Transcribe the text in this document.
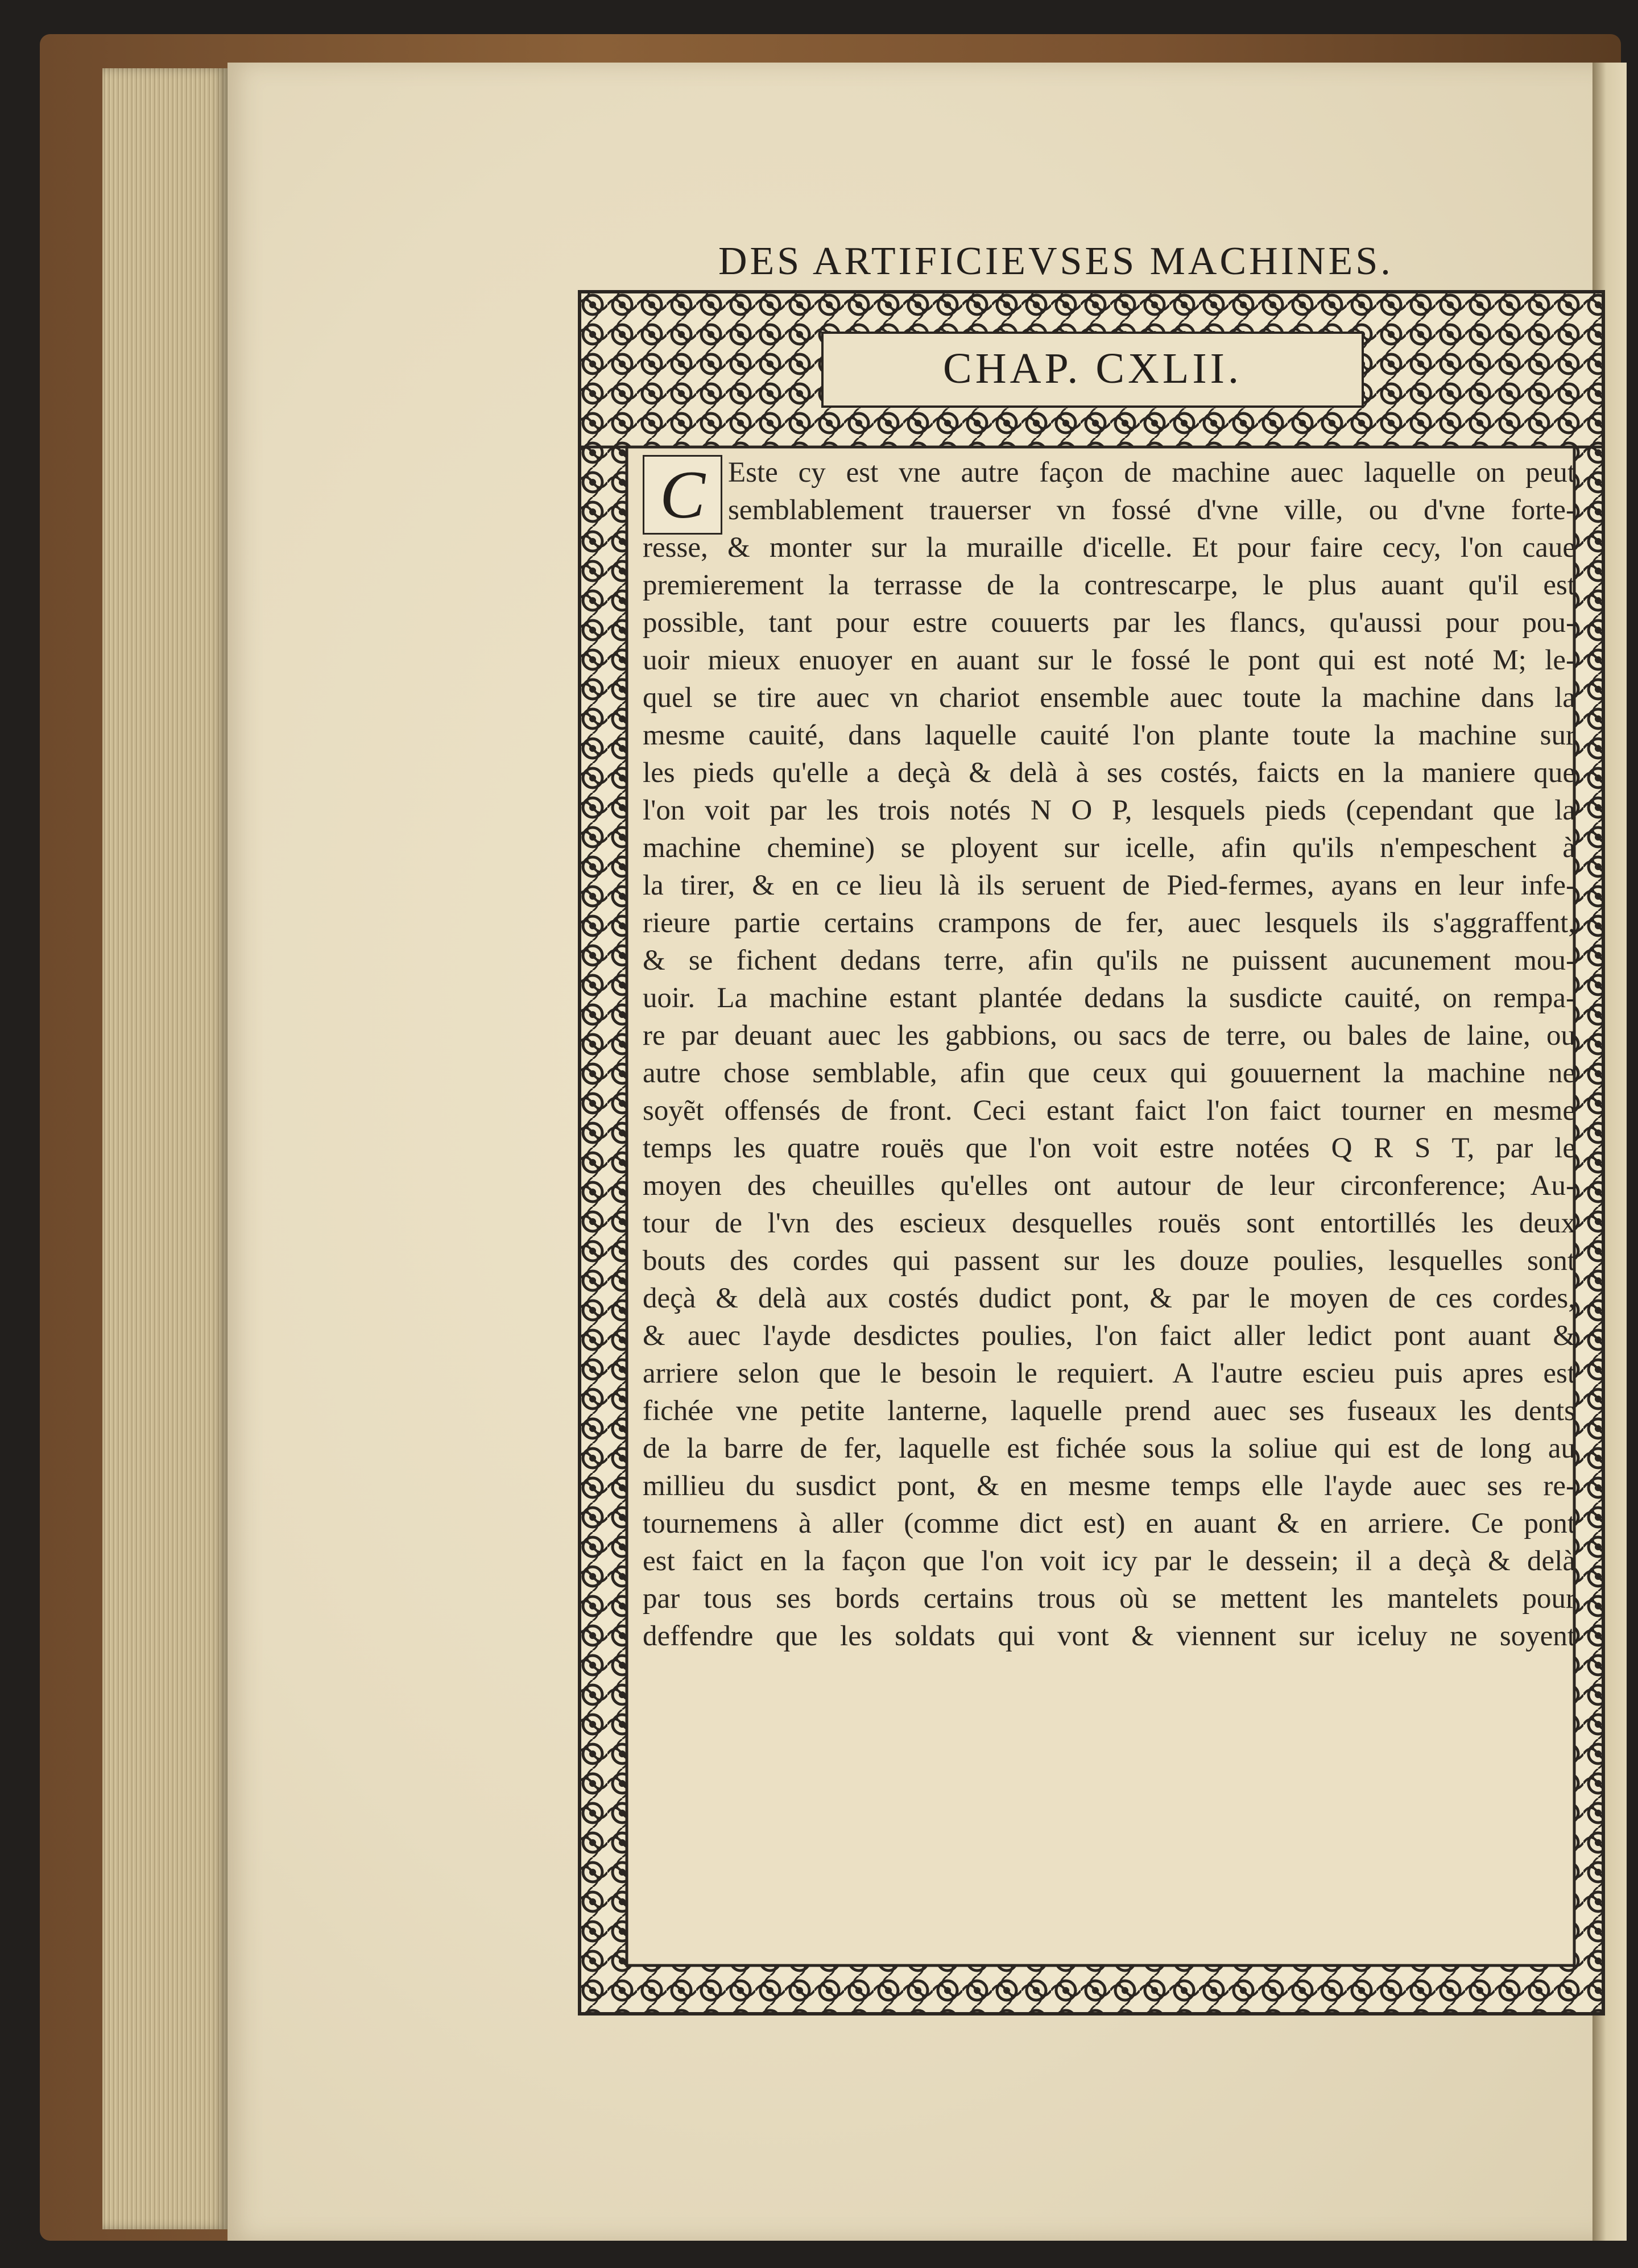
DES ARTIFICIEVSES MACHINES.
CHAP. CXLII.
C Este cy est vne autre façon de machine auec laquelle on peut
semblablement trauerser vn fossé d'vne ville, ou d'vne forte-
resse, & monter sur la muraille d'icelle. Et pour faire cecy, l'on caue
premierement la terrasse de la contrescarpe, le plus auant qu'il est
possible, tant pour estre couuerts par les flancs, qu'aussi pour pou-
uoir mieux enuoyer en auant sur le fossé le pont qui est noté M; le-
quel se tire auec vn chariot ensemble auec toute la machine dans la
mesme cauité, dans laquelle cauité l'on plante toute la machine sur
les pieds qu'elle a deçà & delà à ses costés, faicts en la maniere que
l'on voit par les trois notés N O P, lesquels pieds (cependant que la
machine chemine) se ployent sur icelle, afin qu'ils n'empeschent à
la tirer, & en ce lieu là ils seruent de Pied-fermes, ayans en leur infe-
rieure partie certains crampons de fer, auec lesquels ils s'aggraffent,
& se fichent dedans terre, afin qu'ils ne puissent aucunement mou-
uoir. La machine estant plantée dedans la susdicte cauité, on rempa-
re par deuant auec les gabbions, ou sacs de terre, ou bales de laine, ou
autre chose semblable, afin que ceux qui gouuernent la machine ne
soyẽt offensés de front. Ceci estant faict l'on faict tourner en mesme
temps les quatre rouës que l'on voit estre notées Q R S T, par le
moyen des cheuilles qu'elles ont autour de leur circonference; Au-
tour de l'vn des escieux desquelles rouës sont entortillés les deux
bouts des cordes qui passent sur les douze poulies, lesquelles sont
deçà & delà aux costés dudict pont, & par le moyen de ces cordes,
& auec l'ayde desdictes poulies, l'on faict aller ledict pont auant &
arriere selon que le besoin le requiert. A l'autre escieu puis apres est
fichée vne petite lanterne, laquelle prend auec ses fuseaux les dents
de la barre de fer, laquelle est fichée sous la soliue qui est de long au
millieu du susdict pont, & en mesme temps elle l'ayde auec ses re-
tournemens à aller (comme dict est) en auant & en arriere. Ce pont
est faict en la façon que l'on voit icy par le dessein; il a deçà & delà
par tous ses bords certains trous où se mettent les mantelets pour
deffendre que les soldats qui vont & viennent sur iceluy ne soyent
